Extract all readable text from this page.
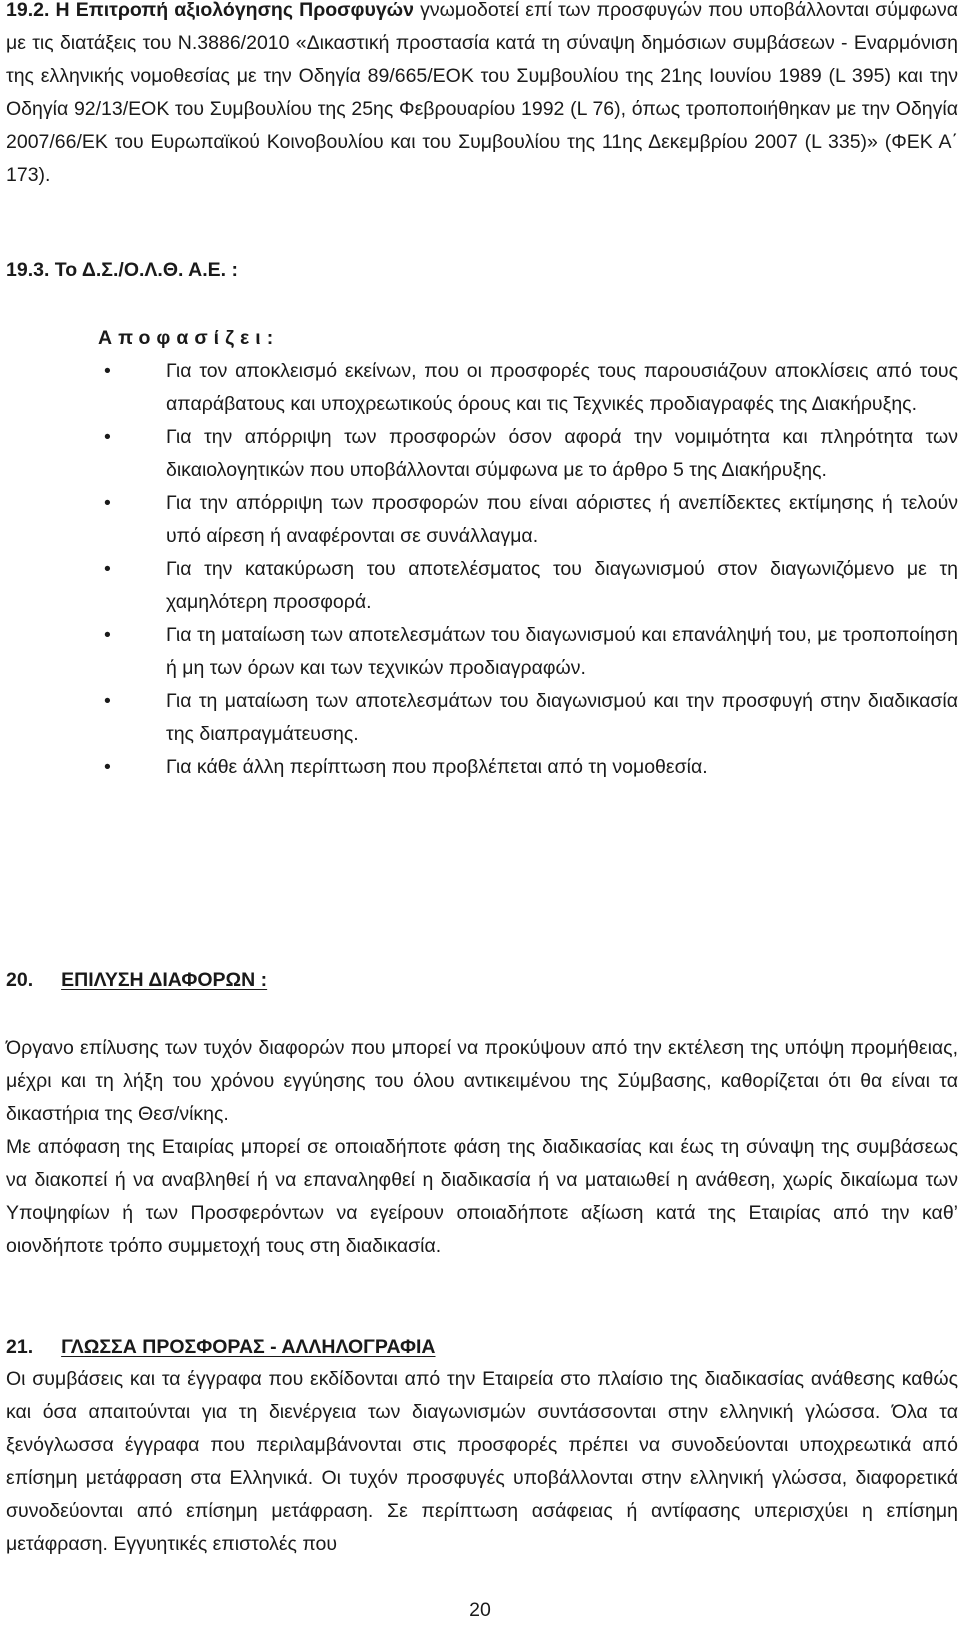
19.2. Η Επιτροπή αξιολόγησης Προσφυγών γνωμοδοτεί επί των προσφυγών που υποβάλλονται σύμφωνα με τις διατάξεις του Ν.3886/2010 «Δικαστική προστασία κατά τη σύναψη δημόσιων συμβάσεων - Εναρμόνιση της ελληνικής νομοθεσίας με την Οδηγία 89/665/ΕΟΚ του Συμβουλίου της 21ης Ιουνίου 1989 (L 395) και την Οδηγία 92/13/ΕΟΚ του Συμβουλίου της 25ης Φεβρουαρίου 1992 (L 76), όπως τροποποιήθηκαν με την Οδηγία 2007/66/ΕΚ του Ευρωπαϊκού Κοινοβουλίου και του Συμβουλίου της 11ης Δεκεμβρίου 2007 (L 335)» (ΦΕΚ Α΄ 173).

19.3. Το Δ.Σ./Ο.Λ.Θ. Α.Ε. :

Αποφασίζει:

•	Για τον αποκλεισμό εκείνων, που οι προσφορές τους παρουσιάζουν αποκλίσεις από τους απαράβατους και υποχρεωτικούς όρους και τις Τεχνικές προδιαγραφές της Διακήρυξης.
•	Για την απόρριψη των προσφορών όσον αφορά την νομιμότητα και πληρότητα των δικαιολογητικών που υποβάλλονται σύμφωνα με το άρθρο 5 της Διακήρυξης.
•	Για την απόρριψη των προσφορών που είναι αόριστες ή ανεπίδεκτες εκτίμησης ή τελούν υπό αίρεση ή αναφέρονται σε συνάλλαγμα.
•	Για την κατακύρωση του αποτελέσματος του διαγωνισμού στον διαγωνιζόμενο με τη χαμηλότερη προσφορά.
•	Για τη ματαίωση των αποτελεσμάτων του διαγωνισμού και επανάληψή του, με τροποποίηση ή μη των όρων και των τεχνικών προδιαγραφών.
•	Για τη ματαίωση των αποτελεσμάτων του διαγωνισμού και την προσφυγή στην διαδικασία της διαπραγμάτευσης.
•	Για κάθε άλλη περίπτωση που προβλέπεται από τη νομοθεσία.

20. ΕΠΙΛΥΣΗ ΔΙΑΦΟΡΩΝ :

Όργανο επίλυσης των τυχόν διαφορών που μπορεί να προκύψουν από την εκτέλεση της υπόψη προμήθειας, μέχρι και τη λήξη του χρόνου εγγύησης του όλου αντικειμένου της Σύμβασης, καθορίζεται ότι θα είναι τα δικαστήρια της Θεσ/νίκης.

Με απόφαση της Εταιρίας μπορεί σε οποιαδήποτε φάση της διαδικασίας και έως τη σύναψη της συμβάσεως να διακοπεί ή να αναβληθεί ή να επαναληφθεί η διαδικασία ή να ματαιωθεί η ανάθεση, χωρίς δικαίωμα των Υποψηφίων ή των Προσφερόντων να εγείρουν οποιαδήποτε αξίωση κατά της Εταιρίας από την καθ’ οιονδήποτε τρόπο συμμετοχή τους στη διαδικασία.

21. ΓΛΩΣΣΑ ΠΡΟΣΦΟΡΑΣ - ΑΛΛΗΛΟΓΡΑΦΙΑ

Οι συμβάσεις και τα έγγραφα που εκδίδονται από την Εταιρεία στο πλαίσιο της διαδικασίας ανάθεσης καθώς και όσα απαιτούνται για τη διενέργεια των διαγωνισμών συντάσσονται στην ελληνική γλώσσα. Όλα τα ξενόγλωσσα έγγραφα που περιλαμβάνονται στις προσφορές πρέπει να συνοδεύονται υποχρεωτικά από επίσημη μετάφραση στα Ελληνικά. Οι τυχόν προσφυγές υποβάλλονται στην ελληνική γλώσσα, διαφορετικά συνοδεύονται από επίσημη μετάφραση. Σε περίπτωση ασάφειας ή αντίφασης υπερισχύει η επίσημη μετάφραση. Εγγυητικές επιστολές που

20
